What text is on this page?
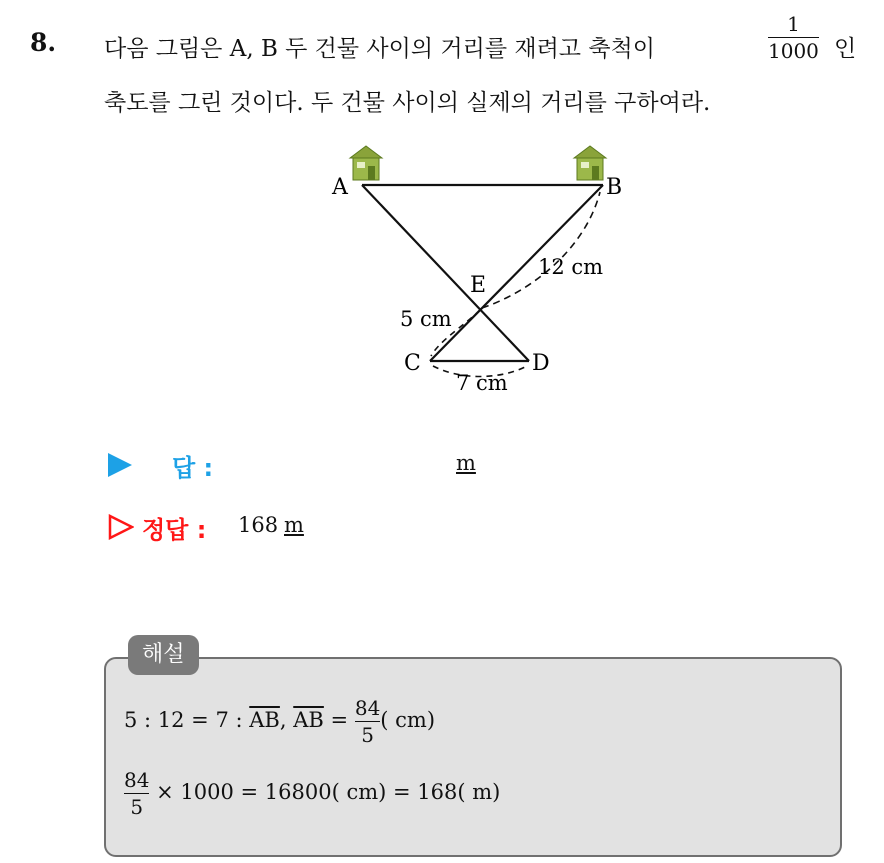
8. 다음 그림은 A, B 두 건물 사이의 거리를 재려고 축척이
1
1000 인
축도를 그린 것이다. 두 건물 사이의 실제의 거리를 구하여라.
A	B
E
C	D
12 cm
5 cm
7 cm
답 :	m
정답 : 168 m
해설
5 : 12 = 7 : $\overline{AB}$, $\overline{AB} = \frac{84}{5}$ ( cm)
$\frac{84}{5} \times 1000 = 16800$( cm) = 168( m)
